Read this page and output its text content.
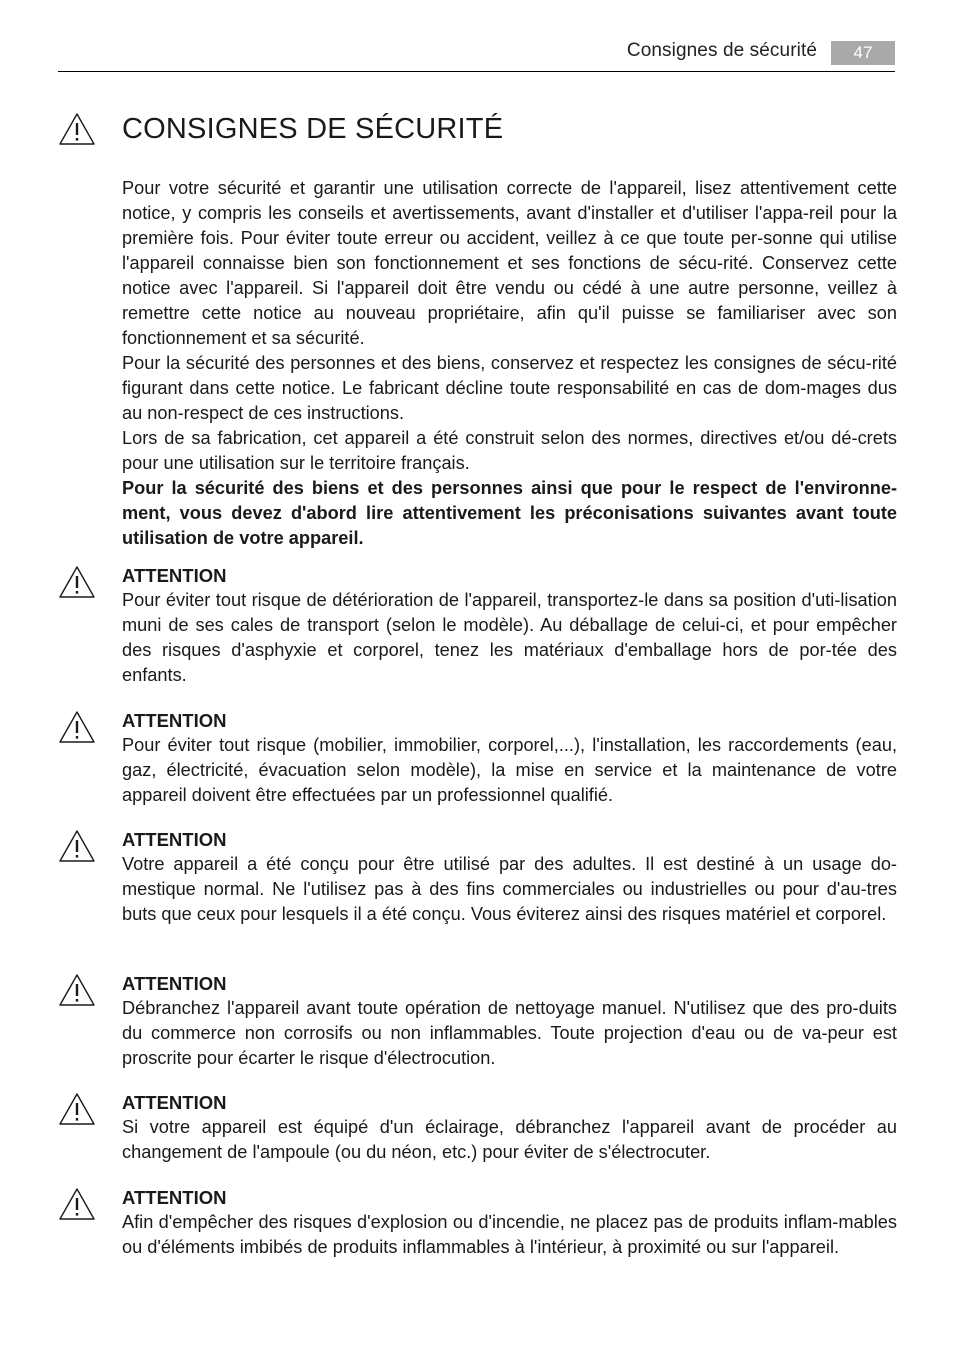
Consignes de sécurité	47
CONSIGNES DE SÉCURITÉ

Pour votre sécurité et garantir une utilisation correcte de l'appareil, lisez attentivement cette notice, y compris les conseils et avertissements, avant d'installer et d'utiliser l'appa-reil pour la première fois. Pour éviter toute erreur ou accident, veillez à ce que toute per-sonne qui utilise l'appareil connaisse bien son fonctionnement et ses fonctions de sécu-rité. Conservez cette notice avec l'appareil. Si l'appareil doit être vendu ou cédé à une autre personne, veillez à remettre cette notice au nouveau propriétaire, afin qu'il puisse se familiariser avec son fonctionnement et sa sécurité.

Pour la sécurité des personnes et des biens, conservez et respectez les consignes de sécu-rité figurant dans cette notice. Le fabricant décline toute responsabilité en cas de dom-mages dus au non-respect de ces instructions.

Lors de sa fabrication, cet appareil a été construit selon des normes, directives et/ou dé-crets pour une utilisation sur le territoire français.

Pour la sécurité des biens et des personnes ainsi que pour le respect de l'environne-ment, vous devez d'abord lire attentivement les préconisations suivantes avant toute utilisation de votre appareil.

ATTENTION

Pour éviter tout risque de détérioration de l'appareil, transportez-le dans sa position d'uti-lisation muni de ses cales de transport (selon le modèle). Au déballage de celui-ci, et pour empêcher des risques d'asphyxie et corporel, tenez les matériaux d'emballage hors de por-tée des enfants.

ATTENTION

Pour éviter tout risque (mobilier, immobilier, corporel,...), l'installation, les raccordements (eau, gaz, électricité, évacuation selon modèle), la mise en service et la maintenance de votre appareil doivent être effectuées par un professionnel qualifié.

ATTENTION

Votre appareil a été conçu pour être utilisé par des adultes. Il est destiné à un usage do-mestique normal. Ne l'utilisez pas à des fins commerciales ou industrielles ou pour d'au-tres buts que ceux pour lesquels il a été conçu. Vous éviterez ainsi des risques matériel et corporel.

ATTENTION

Débranchez l'appareil avant toute opération de nettoyage manuel. N'utilisez que des pro-duits du commerce non corrosifs ou non inflammables. Toute projection d'eau ou de va-peur est proscrite pour écarter le risque d'électrocution.

ATTENTION

Si votre appareil est équipé d'un éclairage, débranchez l'appareil avant de procéder au changement de l'ampoule (ou du néon, etc.) pour éviter de s'électrocuter.

ATTENTION

Afin d'empêcher des risques d'explosion ou d'incendie, ne placez pas de produits inflam-mables ou d'éléments imbibés de produits inflammables à l'intérieur, à proximité ou sur l'appareil.
